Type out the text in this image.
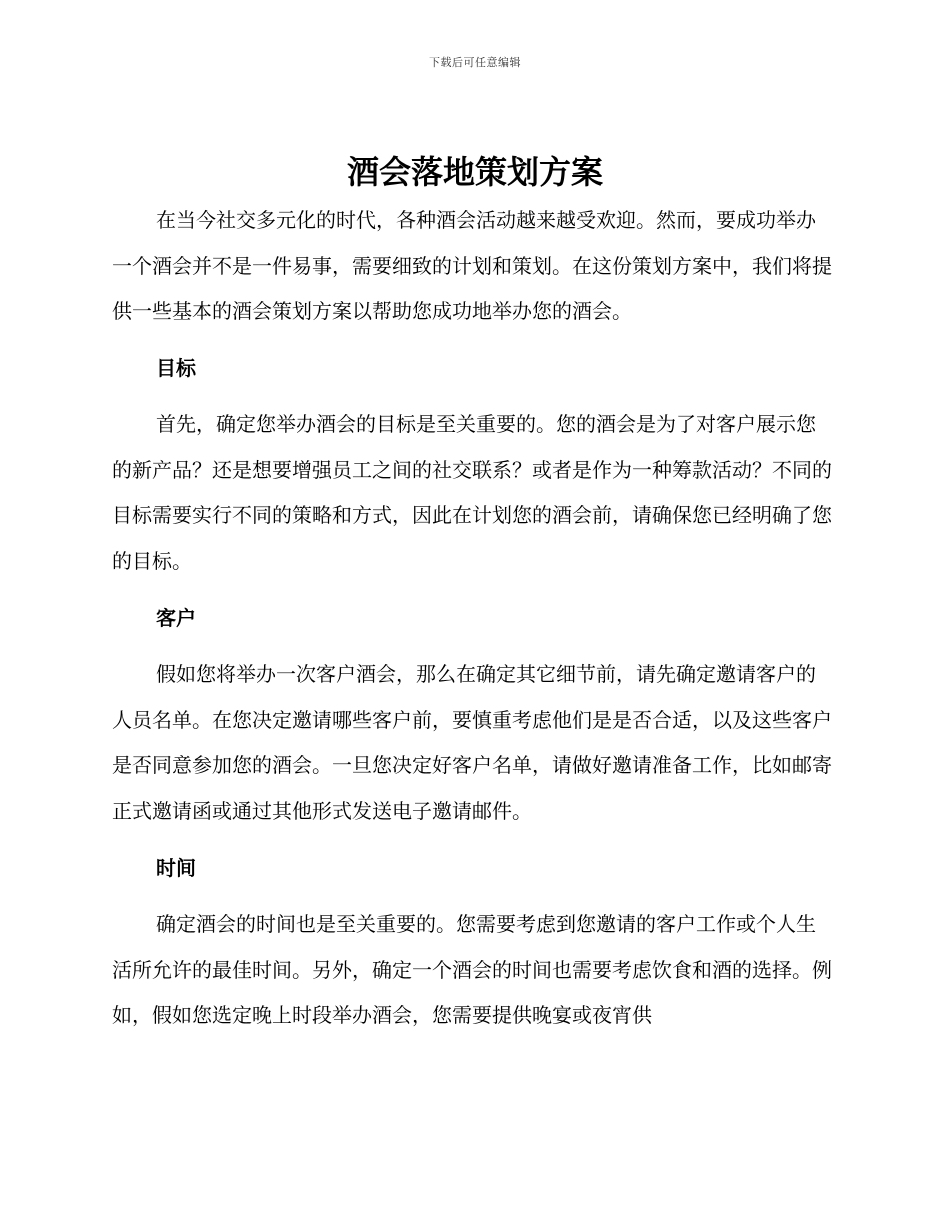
下载后可任意编辑
酒会落地策划方案

在当今社交多元化的时代，各种酒会活动越来越受欢迎。然而，要成功举办一个酒会并不是一件易事，需要细致的计划和策划。在这份策划方案中，我们将提供一些基本的酒会策划方案以帮助您成功地举办您的酒会。

目标

首先，确定您举办酒会的目标是至关重要的。您的酒会是为了对客户展示您的新产品？还是想要增强员工之间的社交联系？或者是作为一种筹款活动？不同的目标需要实行不同的策略和方式，因此在计划您的酒会前，请确保您已经明确了您的目标。

客户

假如您将举办一次客户酒会，那么在确定其它细节前，请先确定邀请客户的人员名单。在您决定邀请哪些客户前，要慎重考虑他们是是否合适，以及这些客户是否同意参加您的酒会。一旦您决定好客户名单，请做好邀请准备工作，比如邮寄正式邀请函或通过其他形式发送电子邀请邮件。

时间

确定酒会的时间也是至关重要的。您需要考虑到您邀请的客户工作或个人生活所允许的最佳时间。另外，确定一个酒会的时间也需要考虑饮食和酒的选择。例如，假如您选定晚上时段举办酒会，您需要提供晚宴或夜宵供
